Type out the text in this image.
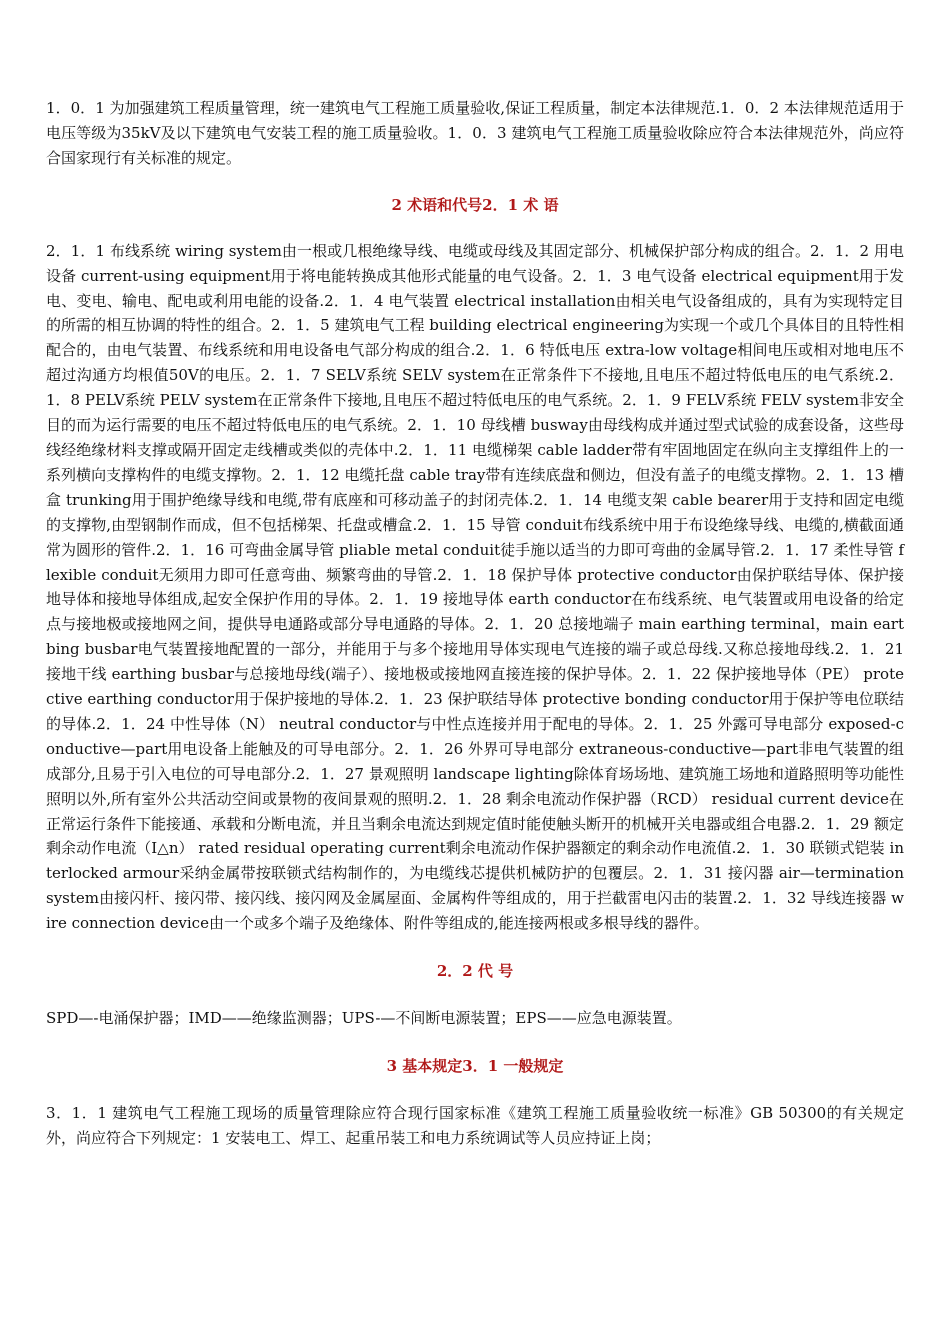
1．0．1 为加强建筑工程质量管理，统一建筑电气工程施工质量验收,保证工程质量，制定本法律规范.1．0．2 本法律规范适用于电压等级为35kV及以下建筑电气安装工程的施工质量验收。1．0．3 建筑电气工程施工质量验收除应符合本法律规范外，尚应符合国家现行有关标准的规定。

2 术语和代号2．1 术 语

2．1．1 布线系统 wiring system由一根或几根绝缘导线、电缆或母线及其固定部分、机械保护部分构成的组合。2．1．2 用电设备 current-using equipment用于将电能转换成其他形式能量的电气设备。2．1．3 电气设备 electrical equipment用于发电、变电、输电、配电或利用电能的设备.2．1．4 电气装置 electrical installation由相关电气设备组成的，具有为实现特定目的所需的相互协调的特性的组合。2．1．5 建筑电气工程 building electrical engineering为实现一个或几个具体目的且特性相配合的，由电气装置、布线系统和用电设备电气部分构成的组合.2．1．6 特低电压 extra-low voltage相间电压或相对地电压不超过沟通方均根值50V的电压。2．1．7 SELV系统 SELV system在正常条件下不接地,且电压不超过特低电压的电气系统.2．1．8 PELV系统 PELV system在正常条件下接地,且电压不超过特低电压的电气系统。2．1．9 FELV系统 FELV system非安全目的而为运行需要的电压不超过特低电压的电气系统。2．1．10 母线槽 busway由母线构成并通过型式试验的成套设备，这些母线经绝缘材料支撑或隔开固定走线槽或类似的壳体中.2．1．11 电缆梯架 cable ladder带有牢固地固定在纵向主支撑组件上的一系列横向支撑构件的电缆支撑物。2．1．12 电缆托盘 cable tray带有连续底盘和侧边，但没有盖子的电缆支撑物。2．1．13 槽盒 trunking用于围护绝缘导线和电缆,带有底座和可移动盖子的封闭壳体.2．1．14 电缆支架 cable bearer用于支持和固定电缆的支撑物,由型钢制作而成，但不包括梯架、托盘或槽盒.2．1．15 导管 conduit布线系统中用于布设绝缘导线、电缆的,横截面通常为圆形的管件.2．1．16 可弯曲金属导管 pliable metal conduit徒手施以适当的力即可弯曲的金属导管.2．1．17 柔性导管 flexible conduit无须用力即可任意弯曲、频繁弯曲的导管.2．1．18 保护导体 protective conductor由保护联结导体、保护接地导体和接地导体组成,起安全保护作用的导体。2．1．19 接地导体 earth conductor在布线系统、电气装置或用电设备的给定点与接地极或接地网之间，提供导电通路或部分导电通路的导体。2．1．20 总接地端子 main earthing terminal，main eartbing busbar电气装置接地配置的一部分，并能用于与多个接地用导体实现电气连接的端子或总母线.又称总接地母线.2．1．21 接地干线 earthing busbar与总接地母线(端子）、接地极或接地网直接连接的保护导体。2．1．22 保护接地导体（PE） protective earthing conductor用于保护接地的导体.2．1．23 保护联结导体 protective bonding conductor用于保护等电位联结的导体.2．1．24 中性导体（N） neutral conductor与中性点连接并用于配电的导体。2．1．25 外露可导电部分 exposed-conductive—part用电设备上能触及的可导电部分。2．1．26 外界可导电部分 extraneous-conductive—part非电气装置的组成部分,且易于引入电位的可导电部分.2．1．27 景观照明 landscape lighting除体育场场地、建筑施工场地和道路照明等功能性照明以外,所有室外公共活动空间或景物的夜间景观的照明.2．1．28 剩余电流动作保护器（RCD） residual current device在正常运行条件下能接通、承载和分断电流，并且当剩余电流达到规定值时能使触头断开的机械开关电器或组合电器.2．1．29 额定剩余动作电流（I△n） rated residual operating current剩余电流动作保护器额定的剩余动作电流值.2．1．30 联锁式铠装 interlocked armour采纳金属带按联锁式结构制作的，为电缆线芯提供机械防护的包覆层。2．1．31 接闪器 air—termination system由接闪杆、接闪带、接闪线、接闪网及金属屋面、金属构件等组成的，用于拦截雷电闪击的装置.2．1．32 导线连接器 wire connection device由一个或多个端子及绝缘体、附件等组成的,能连接两根或多根导线的器件。

2．2 代 号

SPD—-电涌保护器；IMD——绝缘监测器；UPS-—不间断电源装置；EPS——应急电源装置。

3 基本规定3．1 一般规定

3．1．1 建筑电气工程施工现场的质量管理除应符合现行国家标准《建筑工程施工质量验收统一标准》GB 50300的有关规定外，尚应符合下列规定：1 安装电工、焊工、起重吊装工和电力系统调试等人员应持证上岗；
